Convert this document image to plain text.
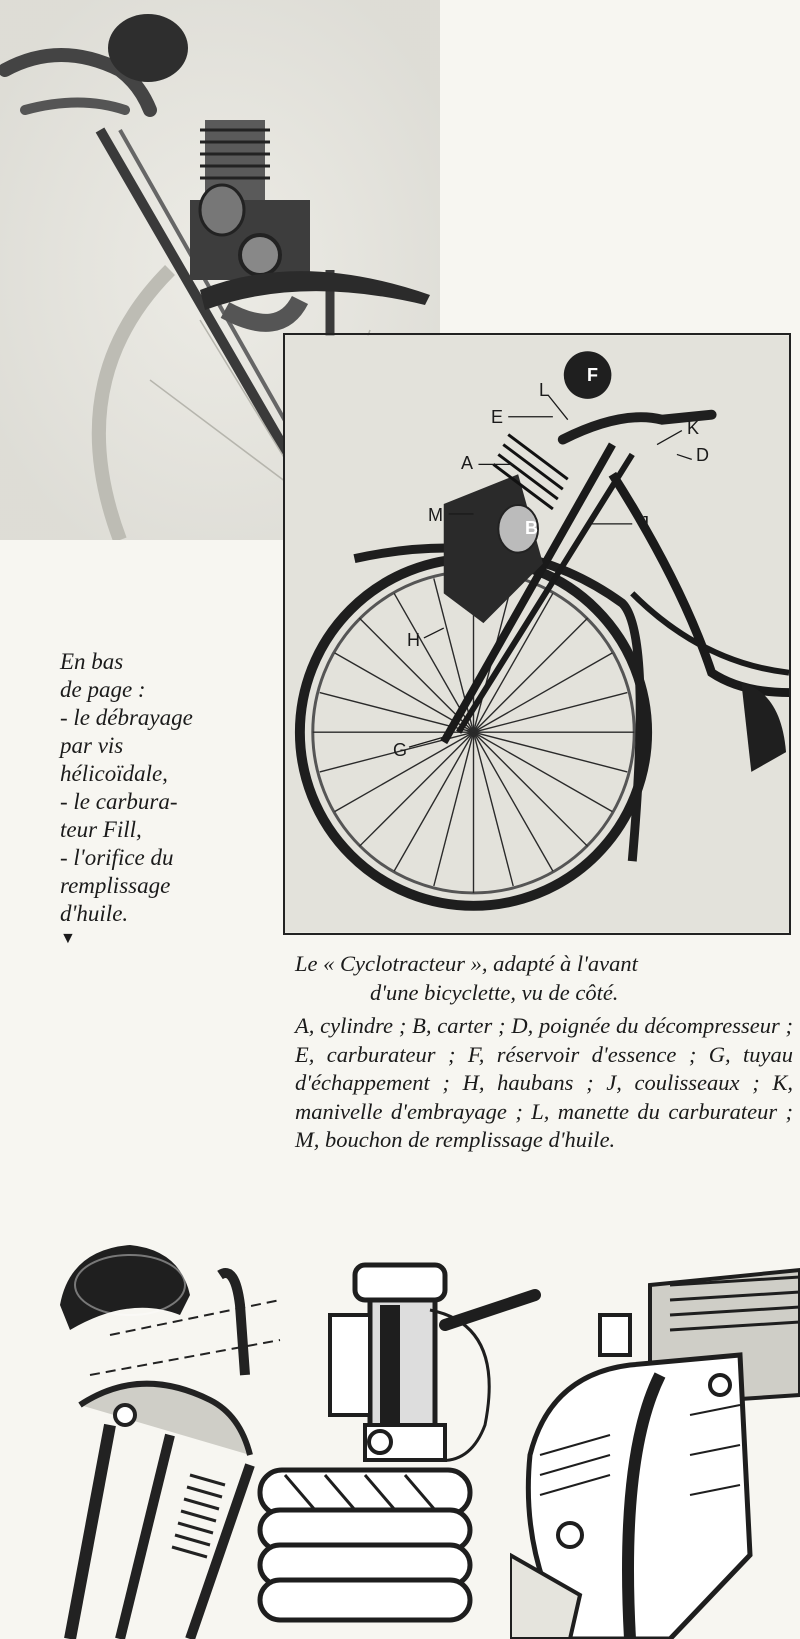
F
L
E
K
D
A
M
B	J
H
G
En bas
de page :
- le débrayage
par vis
hélicoïdale,
- le carbura-
teur Fill,
- l'orifice du
remplissage
d'huile.
▼
Le « Cyclotracteur », adapté à l'avant
d'une bicyclette, vu de côté.
A, cylindre ; B, carter ; D, poignée du décompresseur ; E, carburateur ; F, réservoir d'essence ; G, tuyau d'échappement ; H, haubans ; J, coulisseaux ; K, manivelle d'embrayage ; L, manette du carburateur ; M, bouchon de remplissage d'huile.
